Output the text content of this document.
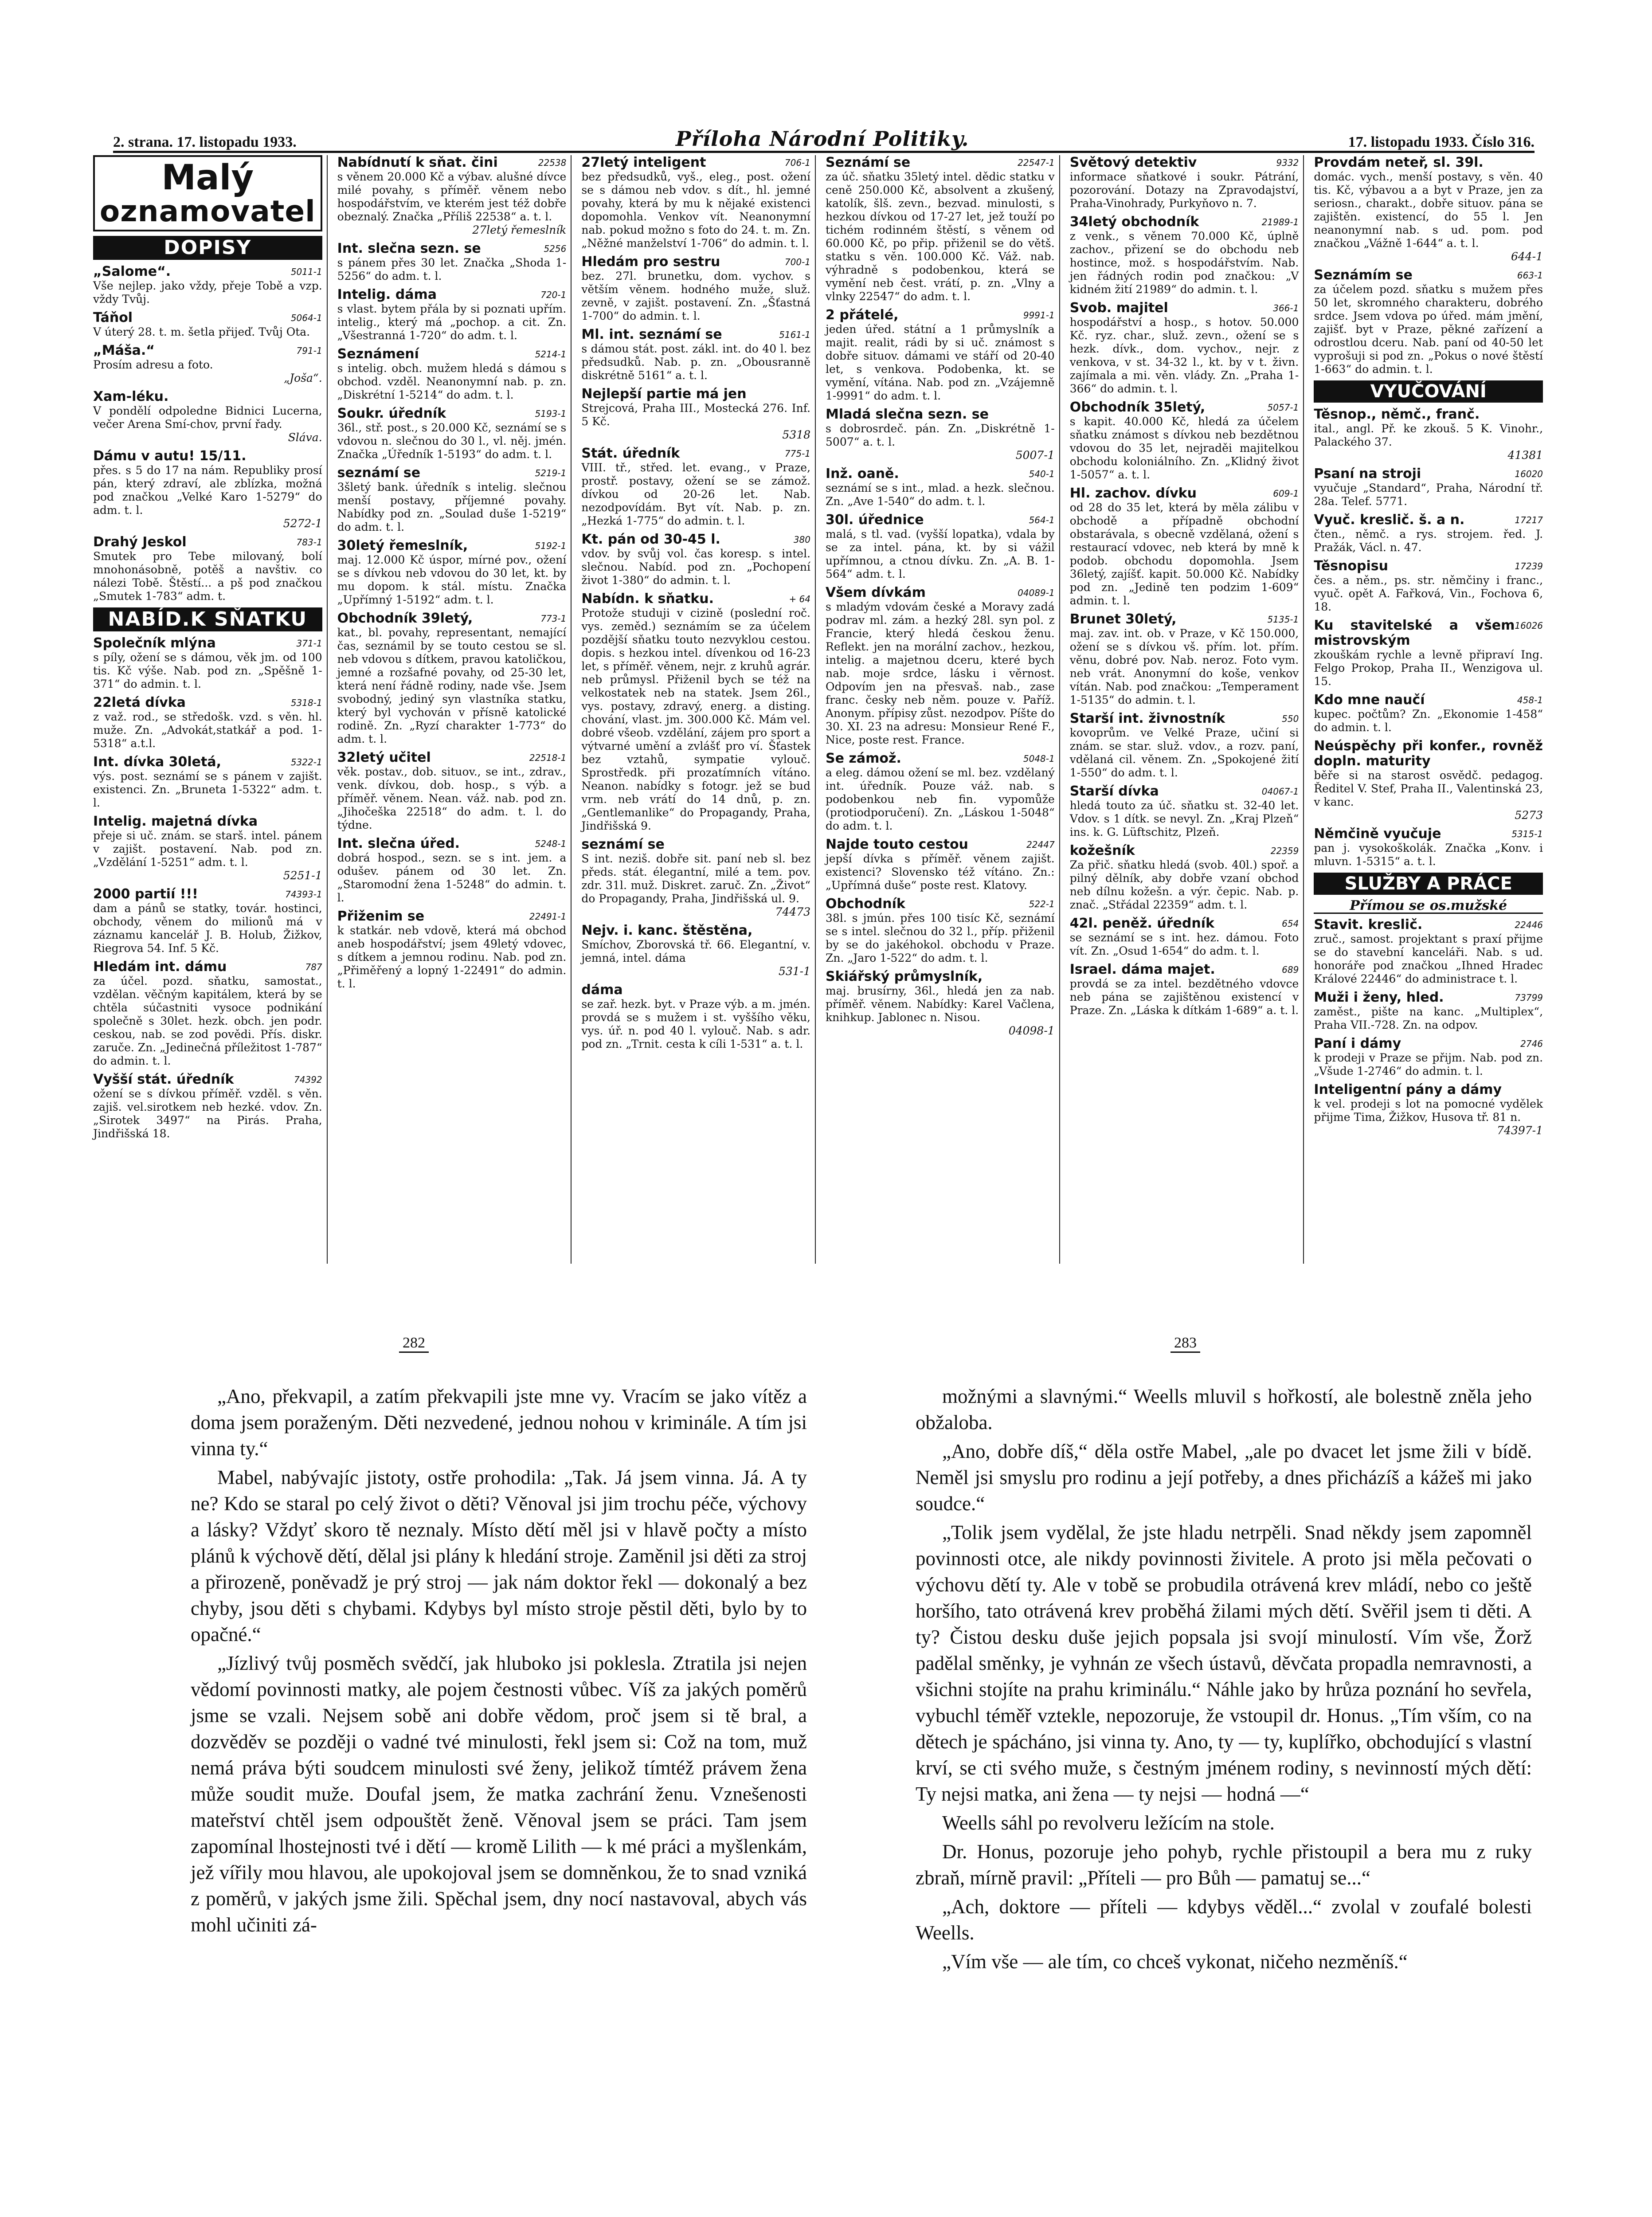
2. strana. 17. listopadu 1933.	Příloha Národní Politiky.	17. listopadu 1933. Číslo 316.
Malý
oznamovatel
DOPISY
„Salome“.	5011-1
Vše nejlep. jako vždy, přeje Tobě a vzp. vždy Tvůj.
Táňol	5064-1
V úterý 28. t. m. šetla přijeď. Tvůj Ota.
„Máša.“	791-1
Prosím adresu a foto.
„Joša“.
Xam-léku.
V pondělí odpoledne Bidnici Lucerna, večer Arena Smí-chov, první řady.
Sláva.
Dámu v autu! 15/11.
přes. s 5 do 17 na nám. Republiky prosí pán, který zdraví, ale zblízka, možná pod značkou „Velké Karo 1-5279“ do adm. t. l.
5272-1
Drahý Jeskol	783-1
Smutek pro Tebe milovaný, bolí mnohonásobně, potěš a navštiv. co nálezi Tobě. Štěstí... a pš pod značkou „Smutek 1-783“ adm. t.
NABÍD.K SŇATKU
Společník mlýna	371-1
s píly, ožení se s dámou, věk jm. od 100 tis. Kč výše. Nab. pod zn. „Spěšně 1-371“ do admin. t. l.
22letá dívka	5318-1
z važ. rod., se středošk. vzd. s věn. hl. muže. Zn. „Advokát,statkář a pod. 1-5318“ a.t.l.
Int. dívka 30letá,	5322-1
výs. post. seznámí se s pánem v zajišt. existenci. Zn. „Bruneta 1-5322“ adm. t. l.
Intelig. majetná dívka
přeje si uč. znám. se starš. intel. pánem v zajišt. postavení. Nab. pod zn. „Vzdělání 1-5251“ adm. t. l.
5251-1
2000 partií !!!	74393-1
dam a pánů se statky, továr. hostinci, obchody, věnem do milionů má v záznamu kancelář J. B. Holub, Žižkov, Riegrova 54. Inf. 5 Kč.
Hledám int. dámu	787
za účel. pozd. sňatku, samostat., vzdělan. věčným kapitálem, která by se chtěla súčastniti vysoce podnikání společně s 30let. hezk. obch. jen podr. ceskou, nab. se zod povědi. Přís. diskr. zaruče. Zn. „Jedinečná příležitost 1-787“ do admin. t. l.
Vyšší stát. úředník	74392
ožení se s dívkou příměř. vzděl. s věn. zajiš. vel.sirotkem neb hezké. vdov. Zn. „Sirotek 3497“ na Pirás. Praha, Jindřišská 18.
Nabídnutí k sňat. čini	22538
s věnem 20.000 Kč a výbav. alušné dívce milé povahy, s příměř. věnem nebo hospodářstvím, ve kterém jest též dobře obeznalý. Značka „Příliš 22538“ a. t. l.
27letý řemeslník
Int. slečna sezn. se	5256
s pánem přes 30 let. Značka „Shoda 1-5256“ do adm. t. l.
Intelig. dáma	720-1
s vlast. bytem přála by si poznati upřím. intelig., který má „pochop. a cit. Zn. „Všestranná 1-720“ do adm. t. l.
Seznámení	5214-1
s intelig. obch. mužem hledá s dámou s obchod. vzděl. Neanonymní nab. p. zn. „Diskrétní 1-5214“ do adm. t. l.
Soukr. úředník	5193-1
36l., stř. post., s 20.000 Kč, seznámí se s vdovou n. slečnou do 30 l., vl. něj. jmén. Značka „Úředník 1-5193“ do adm. t. l.
seznámí se	5219-1
3šletý bank. úředník s intelig. slečnou menší postavy, příjemné povahy. Nabídky pod zn. „Soulad duše 1-5219“ do adm. t. l.
30letý řemeslník,	5192-1
maj. 12.000 Kč úspor, mírné pov., ožení se s dívkou neb vdovou do 30 let, kt. by mu dopom. k stál. místu. Značka „Upřímný 1-5192“ adm. t. l.
Obchodník 39letý,	773-1
kat., bl. povahy, representant, nemající čas, seznámil by se touto cestou se sl. neb vdovou s dítkem, pravou katoličkou, jemné a rozšafné povahy, od 25-30 let, která není řádně rodiny, nade vše. Jsem svobodný, jediný syn vlastníka statku, který byl vychován v přísně katolické rodině. Zn. „Ryzí charakter 1-773“ do adm. t. l.
32letý učitel	22518-1
věk. postav., dob. situov., se int., zdrav., venk. dívkou, dob. hosp., s výb. a příměř. věnem. Nean. váž. nab. pod zn. „Jihočeška 22518“ do adm. t. l. do týdne.
Int. slečna úřed.	5248-1
dobrá hospod., sezn. se s int. jem. a odušev. pánem od 30 let. Zn. „Staromodní žena 1-5248“ do admin. t. l.
Přiženim se	22491-1
k statkár. neb vdově, která má obchod aneb hospodářství; jsem 49letý vdovec, s dítkem a jemnou rodinu. Nab. pod zn. „Přiměřený a lopný 1-22491“ do admin. t. l.
27letý inteligent	706-1
bez předsudků, vyš., eleg., post. ožení se s dámou neb vdov. s dít., hl. jemné povahy, která by mu k nějaké existenci dopomohla. Venkov vít. Neanonymní nab. pokud možno s foto do 24. t. m. Zn. „Něžné manželství 1-706“ do admin. t. l.
Hledám pro sestru	700-1
bez. 27l. brunetku, dom. vychov. s větším věnem. hodného muže, služ. zevně, v zajišt. postavení. Zn. „Šťastná 1-700“ do admin. t. l.
Ml. int. seznámí se	5161-1
s dámou stát. post. zákl. int. do 40 l. bez předsudků. Nab. p. zn. „Obousranně diskrétně 5161“ a. t. l.
Nejlepší partie má jen
Strejcová, Praha III., Mostecká 276. Inf. 5 Kč.
5318
Stát. úředník	775-1
VIII. tř., střed. let. evang., v Praze, prostř. postavy, ožení se se zámož. dívkou od 20-26 let. Nab. nezodpovídám. Byt vít. Nab. p. zn. „Hezká 1-775“ do admin. t. l.
Kt. pán od 30-45 l.	380
vdov. by svůj vol. čas koresp. s intel. slečnou. Nabíd. pod zn. „Pochopení život 1-380“ do admin. t. l.
Nabídn. k sňatku.	+ 64
Protože studuji v cizině (poslední roč. vys. zeměd.) seznámím se za účelem pozdější sňatku touto nezvyklou cestou. dopis. s hezkou intel. dívenkou od 16-23 let, s příměř. věnem, nejr. z kruhů agrár. neb průmysl. Přiženil bych se též na velkostatek neb na statek. Jsem 26l., vys. postavy, zdravý, energ. a disting. chování, vlast. jm. 300.000 Kč. Mám vel. dobré všeob. vzdělání, zájem pro sport a výtvarné umění a zvlášť pro ví. Šťastek bez vztahů, sympatie vylouč. Sprostředk. při prozatímních vítáno. Neanon. nabídky s fotogr. jež se bud vrm. neb vrátí do 14 dnů, p. zn. „Gentlemanlike“ do Propagandy, Praha, Jindřišská 9.
seznámí se
S int. neziš. dobře sit. paní neb sl. bez předs. stát. élegantní, milé a tem. pov. zdr. 31l. muž. Diskret. zaruč. Zn. „Život“ do Propagandy, Praha, Jindřišská ul. 9.
74473
Nejv. i. kanc. štěstěna,
Smíchov, Zborovská tř. 66. Elegantní, v. jemná, intel. dáma
531-1
dáma
se zař. hezk. byt. v Praze výb. a m. jmén. provdá se s mužem i st. vyššího věku, vys. úř. n. pod 40 l. vylouč. Nab. s adr. pod zn. „Trnit. cesta k cíli 1-531“ a. t. l.
Seznámí se	22547-1
za úč. sňatku 35letý intel. dědic statku v ceně 250.000 Kč, absolvent a zkušený, katolík, šlš. zevn., bezvad. minulosti, s hezkou dívkou od 17-27 let, jež touží po tichém rodinném štěstí, s věnem od 60.000 Kč, po přip. přiženil se do větš. statku s věn. 100.000 Kč. Váž. nab. výhradně s podobenkou, která se vymění neb čest. vrátí, p. zn. „Vlny a vlnky 22547“ do adm. t. l.
2 přátelé,	9991-1
jeden úřed. státní a 1 průmyslník a majit. realit, rádi by si uč. známost s dobře situov. dámami ve stáří od 20-40 let, s venkova. Podobenka, kt. se vymění, vítána. Nab. pod zn. „Vzájemně 1-9991“ do adm. t. l.
Mladá slečna sezn. se
s dobrosrdeč. pán. Zn. „Diskrétně 1-5007“ a. t. l.
5007-1
Inž. oaně.	540-1
seznámí se s int., mlad. a hezk. slečnou. Zn. „Ave 1-540“ do adm. t. l.
30l. úřednice	564-1
malá, s tl. vad. (vyšší lopatka), vdala by se za intel. pána, kt. by si vážil upřímnou, a ctnou dívku. Zn. „A. B. 1-564“ adm. t. l.
Všem dívkám	04089-1
s mladým vdovám české a Moravy zadá podrav ml. zám. a hezký 28l. syn pol. z Francie, který hledá českou ženu. Reflekt. jen na morální zachov., hezkou, intelig. a majetnou dceru, které bych nab. moje srdce, lásku i věrnost. Odpovím jen na přesvaš. nab., zase franc. česky neb něm. pouze v. Paříž. Anonym. přípisy zůst. nezodpov. Píšte do 30. XI. 23 na adresu: Monsieur René F., Nice, poste rest. France.
Se zámož.	5048-1
a eleg. dámou ožení se ml. bez. vzdělaný int. úředník. Pouze váž. nab. s podobenkou neb fin. vypomůže (protiodporučení). Zn. „Láskou 1-5048“ do adm. t. l.
Najde touto cestou	22447
jepší dívka s příměř. věnem zajišt. existenci? Slovensko též vítáno. Zn.: „Upřímná duše“ poste rest. Klatovy.
Obchodník	522-1
38l. s jmún. přes 100 tisíc Kč, seznámí se s intel. slečnou do 32 l., příp. přiženil by se do jakéhokol. obchodu v Praze. Zn. „Jaro 1-522“ do adm. t. l.
Skiářský průmyslník,
maj. brusírny, 36l., hledá jen za nab. příměř. věnem. Nabídky: Karel Vačlena, knihkup. Jablonec n. Nisou.
04098-1
Světový detektiv	9332
informace sňatkové i soukr. Pátrání, pozorování. Dotazy na Zpravodajství, Praha-Vinohrady, Purkyňovo n. 7.
34letý obchodník	21989-1
z venk., s věnem 70.000 Kč, úplně zachov., přizení se do obchodu neb hostince, mož. s hospodářstvím. Nab. jen řádných rodin pod značkou: „V kidném žití 21989“ do admin. t. l.
Svob. majitel	366-1
hospodářství a hosp., s hotov. 50.000 Kč. ryz. char., služ. zevn., ožení se s hezk. dívk., dom. vychov., nejr. z venkova, v st. 34-32 l., kt. by v t. živn. zajímala a mi. věn. vlády. Zn. „Praha 1-366“ do admin. t. l.
Obchodník 35letý,	5057-1
s kapit. 40.000 Kč, hledá za účelem sňatku známost s dívkou neb bezdětnou vdovou do 35 let, nejraděi majitelkou obchodu koloniálního. Zn. „Klidný život 1-5057“ a. t. l.
Hl. zachov. dívku	609-1
od 28 do 35 let, která by měla zálibu v obchodě a případně obchodní obstarávala, s obecně vzdělaná, ožení s restaurací vdovec, neb která by mně k podob. obchodu dopomohla. Jsem 36letý, zajíšť. kapit. 50.000 Kč. Nabídky pod zn. „Jedině ten podzim 1-609“ admin. t. l.
Brunet 30letý,	5135-1
maj. zav. int. ob. v Praze, v Kč 150.000, ožení se s dívkou vš. přím. lot. přím. věnu, dobré pov. Nab. neroz. Foto vym. neb vrát. Anonymní do koše, venkov vítán. Nab. pod značkou: „Temperament 1-5135“ do admin. t. l.
Starší int. živnostník	550
kovoprům. ve Velké Praze, učiní si znám. se star. služ. vdov., a rozv. paní, vdělaná cil. věnem. Zn. „Spokojené žití 1-550“ do adm. t. l.
Starší dívka	04067-1
hledá touto za úč. sňatku st. 32-40 let. Vdov. s 1 dítk. se nevyl. Zn. „Kraj Plzeň“ ins. k. G. Lüftschitz, Plzeň.
kožešník	22359
Za přič. sňatku hledá (svob. 40l.) spoř. a pilný dělník, aby dobře vzaní obchod neb dílnu kožešn. a výr. čepic. Nab. p. znač. „Střádal 22359“ adm. t. l.
42l. peněž. úředník	654
se seznámí se s int. hez. dámou. Foto vít. Zn. „Osud 1-654“ do adm. t. l.
Israel. dáma majet.	689
provdá se za intel. bezdětného vdovce neb pána se zajištěnou existencí v Praze. Zn. „Láska k dítkám 1-689“ a. t. l.
Provdám neteř, sl. 39l.
domác. vych., menší postavy, s věn. 40 tis. Kč, výbavou a a byt v Praze, jen za seriosn., charakt., dobře situov. pána se zajištěn. existencí, do 55 l. Jen neanonymní nab. s ud. pom. pod značkou „Vážně 1-644“ a. t. l.
644-1
Seznámím se	663-1
za účelem pozd. sňatku s mužem přes 50 let, skromného charakteru, dobrého srdce. Jsem vdova po úřed. mám jmění, zajišť. byt v Praze, pěkné zařízení a odrostlou dceru. Nab. paní od 40-50 let vyprošuji si pod zn. „Pokus o nové štěstí 1-663“ do admin. t. l.
VYUČOVÁNÍ
Těsnop., němč., franč.
ital., angl. Př. ke zkouš. 5 K. Vinohr., Palackého 37.
41381
Psaní na stroji	16020
vyučuje „Standard“, Praha, Národní tř. 28a. Telef. 5771.
Vyuč. kreslič. š. a n.	17217
čten., němč. a rys. strojem. řed. J. Pražák, Václ. n. 47.
Těsnopisu	17239
čes. a něm., ps. str. němčiny i franc., vyuč. opět A. Fařková, Vin., Fochova 6, 18.
Ku stavitelské a všem mistrovským
16026
zkouškám rychle a levně připraví Ing. Felgo Prokop, Praha II., Wenzigova ul. 15.
Kdo mne naučí	458-1
kupec. počtům? Zn. „Ekonomie 1-458“ do admin. t. l.
Neúspěchy při konfer., rovněž dopln. maturity
běře si na starost osvědč. pedagog. Ředitel V. Stef, Praha II., Valentinská 23, v kanc.
5273
Němčině vyučuje	5315-1
pan j. vysokoškolák. Značka „Konv. i mluvn. 1-5315“ a. t. l.
SLUŽBY A PRÁCE
Přímou se os.mužské
Stavit. kreslič.	22446
zruč., samost. projektant s praxí přijme se do stavební kanceláři. Nab. s ud. honoráře pod značkou „Ihned Hradec Králové 22446“ do administrace t. l.
Muži i ženy, hled.	73799
zaměst., pište na kanc. „Multiplex“, Praha VII.-728. Zn. na odpov.
Paní i dámy	2746
k prodeji v Praze se přijm. Nab. pod zn. „Všude 1-2746“ do admin. t. l.
Inteligentní pány a dámy
k vel. prodeji s lot na pomocné vydělek přijme Tima, Žižkov, Husova tř. 81 n.
74397-1
282	283

„Ano, překvapil, a zatím překvapili jste mne vy. Vracím se jako vítěz a doma jsem poraženým. Děti nezvedené, jednou nohou v kriminále. A tím jsi vinna ty.“

Mabel, nabývajíc jistoty, ostře prohodila: „Tak. Já jsem vinna. Já. A ty ne? Kdo se staral po celý život o děti? Věnoval jsi jim trochu péče, výchovy a lásky? Vždyť skoro tě neznaly. Místo dětí měl jsi v hlavě počty a místo plánů k výchově dětí, dělal jsi plány k hledání stroje. Zaměnil jsi děti za stroj a přirozeně, poněvadž je prý stroj — jak nám doktor řekl — dokonalý a bez chyby, jsou děti s chybami. Kdybys byl místo stroje pěstil děti, bylo by to opačné.“

„Jízlivý tvůj posměch svědčí, jak hluboko jsi poklesla. Ztratila jsi nejen vědomí povinnosti matky, ale pojem čestnosti vůbec. Víš za jakých poměrů jsme se vzali. Nejsem sobě ani dobře vědom, proč jsem si tě bral, a dozvěděv se později o vadné tvé minulosti, řekl jsem si: Což na tom, muž nemá práva býti soudcem minulosti své ženy, jelikož tímtéž právem žena může soudit muže. Doufal jsem, že matka zachrání ženu. Vznešenosti mateřství chtěl jsem odpouštět ženě. Věnoval jsem se práci. Tam jsem zapomínal lhostejnosti tvé i dětí — kromě Lilith — k mé práci a myšlenkám, jež vířily mou hlavou, ale upokojoval jsem se domněnkou, že to snad vzniká z poměrů, v jakých jsme žili. Spěchal jsem, dny nocí nastavoval, abych vás mohl učiniti zá-

možnými a slavnými.“ Weells mluvil s hořkostí, ale bolestně zněla jeho obžaloba.

„Ano, dobře díš,“ děla ostře Mabel, „ale po dvacet let jsme žili v bídě. Neměl jsi smyslu pro rodinu a její potřeby, a dnes přicházíš a kážeš mi jako soudce.“

„Tolik jsem vydělal, že jste hladu netrpěli. Snad někdy jsem zapomněl povinnosti otce, ale nikdy povinnosti živitele. A proto jsi měla pečovati o výchovu dětí ty. Ale v tobě se probudila otrávená krev mládí, nebo co ještě horšího, tato otrávená krev proběhá žilami mých dětí. Svěřil jsem ti děti. A ty? Čistou desku duše jejich popsala jsi svojí minulostí. Vím vše, Žorž padělal směnky, je vyhnán ze všech ústavů, děvčata propadla nemravnosti, a všichni stojíte na prahu kriminálu.“ Náhle jako by hrůza poznání ho sevřela, vybuchl téměř vztekle, nepozoruje, že vstoupil dr. Honus. „Tím vším, co na dětech je spácháno, jsi vinna ty. Ano, ty — ty, kuplířko, obchodující s vlastní krví, se cti svého muže, s čestným jménem rodiny, s nevinností mých dětí: Ty nejsi matka, ani žena — ty nejsi — hodná —“

Weells sáhl po revolveru ležícím na stole.

Dr. Honus, pozoruje jeho pohyb, rychle přistoupil a bera mu z ruky zbraň, mírně pravil: „Příteli — pro Bůh — pamatuj se...“

„Ach, doktore — příteli — kdybys věděl...“ zvolal v zoufalé bolesti Weells.

„Vím vše — ale tím, co chceš vykonat, ničeho nezměníš.“
